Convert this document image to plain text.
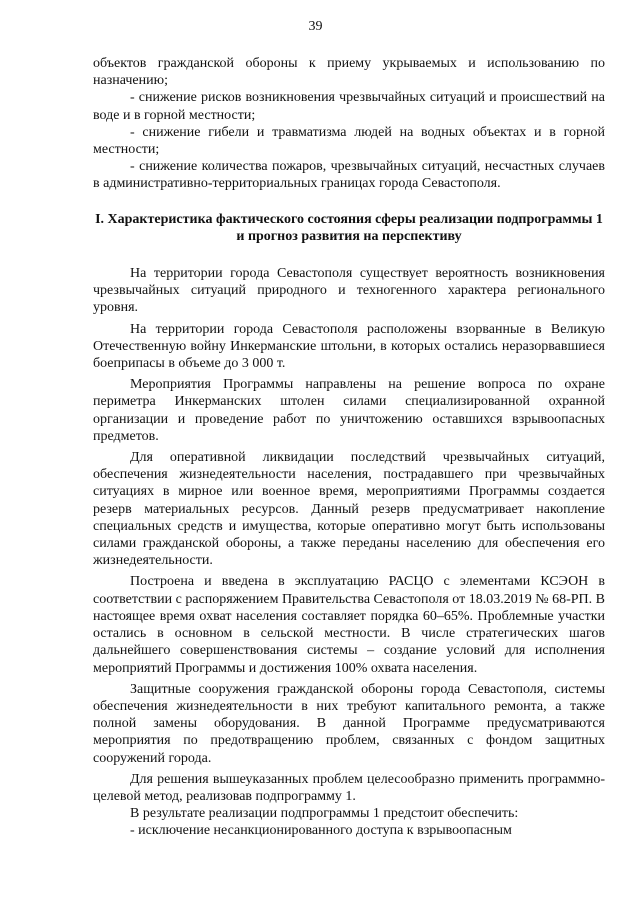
39

объектов гражданской обороны к приему укрываемых и использованию по назначению;

- снижение рисков возникновения чрезвычайных ситуаций и происшествий на воде и в горной местности;

- снижение гибели и травматизма людей на водных объектах и в горной местности;

- снижение количества пожаров, чрезвычайных ситуаций, несчастных случаев в административно-территориальных границах города Севастополя.

I. Характеристика фактического состояния сферы реализации подпрограммы 1 и прогноз развития на перспективу

На территории города Севастополя существует вероятность возникновения чрезвычайных ситуаций природного и техногенного характера регионального уровня.

На территории города Севастополя расположены взорванные в Великую Отечественную войну Инкерманские штольни, в которых остались неразорвавшиеся боеприпасы в объеме до 3 000 т.

Мероприятия Программы направлены на решение вопроса по охране периметра Инкерманских штолен силами специализированной охранной организации и проведение работ по уничтожению оставшихся взрывоопасных предметов.

Для оперативной ликвидации последствий чрезвычайных ситуаций, обеспечения жизнедеятельности населения, пострадавшего при чрезвычайных ситуациях в мирное или военное время, мероприятиями Программы создается резерв материальных ресурсов. Данный резерв предусматривает накопление специальных средств и имущества, которые оперативно могут быть использованы силами гражданской обороны, а также переданы населению для обеспечения его жизнедеятельности.

Построена и введена в эксплуатацию РАСЦО с элементами КСЭОН в соответствии с распоряжением Правительства Севастополя от 18.03.2019 № 68-РП. В настоящее время охват населения составляет порядка 60–65%. Проблемные участки остались в основном в сельской местности. В числе стратегических шагов дальнейшего совершенствования системы – создание условий для исполнения мероприятий Программы и достижения 100% охвата населения.

Защитные сооружения гражданской обороны города Севастополя, системы обеспечения жизнедеятельности в них требуют капитального ремонта, а также полной замены оборудования. В данной Программе предусматриваются мероприятия по предотвращению проблем, связанных с фондом защитных сооружений города.

Для решения вышеуказанных проблем целесообразно применить программно-целевой метод, реализовав подпрограмму 1.

В результате реализации подпрограммы 1 предстоит обеспечить:

- исключение несанкционированного доступа к взрывоопасным
